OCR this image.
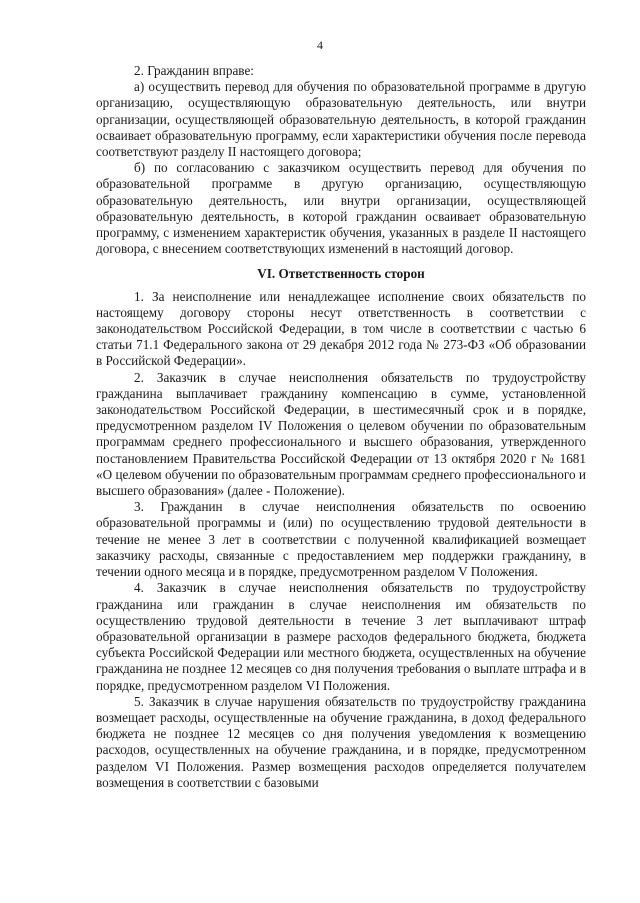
4

2. Гражданин вправе:

а) осуществить перевод для обучения по образовательной программе в другую организацию, осуществляющую образовательную деятельность, или внутри организации, осуществляющей образовательную деятельность, в которой гражданин осваивает образовательную программу, если характеристики обучения после перевода соответствуют разделу II настоящего договора;

б) по согласованию с заказчиком осуществить перевод для обучения по образовательной программе в другую организацию, осуществляющую образовательную деятельность, или внутри организации, осуществляющей образовательную деятельность, в которой гражданин осваивает образовательную программу, с изменением характеристик обучения, указанных в разделе II настоящего договора, с внесением соответствующих изменений в настоящий договор.

VI. Ответственность сторон

1. За неисполнение или ненадлежащее исполнение своих обязательств по настоящему договору стороны несут ответственность в соответствии с законодательством Российской Федерации, в том числе в соответствии с частью 6 статьи 71.1 Федерального закона от 29 декабря 2012 года № 273-ФЗ «Об образовании в Российской Федерации».

2. Заказчик в случае неисполнения обязательств по трудоустройству гражданина выплачивает гражданину компенсацию в сумме, установленной законодательством Российской Федерации, в шестимесячный срок и в порядке, предусмотренном разделом IV Положения о целевом обучении по образовательным программам среднего профессионального и высшего образования, утвержденного постановлением Правительства Российской Федерации от 13 октября 2020 г № 1681 «О целевом обучении по образовательным программам среднего профессионального и высшего образования» (далее - Положение).

3. Гражданин в случае неисполнения обязательств по освоению образовательной программы и (или) по осуществлению трудовой деятельности в течение не менее 3 лет в соответствии с полученной квалификацией возмещает заказчику расходы, связанные с предоставлением мер поддержки гражданину, в течении одного месяца и в порядке, предусмотренном разделом V Положения.

4. Заказчик в случае неисполнения обязательств по трудоустройству гражданина или гражданин в случае неисполнения им обязательств по осуществлению трудовой деятельности в течение 3 лет выплачивают штраф образовательной организации в размере расходов федерального бюджета, бюджета субъекта Российской Федерации или местного бюджета, осуществленных на обучение гражданина не позднее 12 месяцев со дня получения требования о выплате штрафа и в порядке, предусмотренном разделом VI Положения.

5. Заказчик в случае нарушения обязательств по трудоустройству гражданина возмещает расходы, осуществленные на обучение гражданина, в доход федерального бюджета не позднее 12 месяцев со дня получения уведомления к возмещению расходов, осуществленных на обучение гражданина, и в порядке, предусмотренном разделом VI Положения. Размер возмещения расходов определяется получателем возмещения в соответствии с базовыми
